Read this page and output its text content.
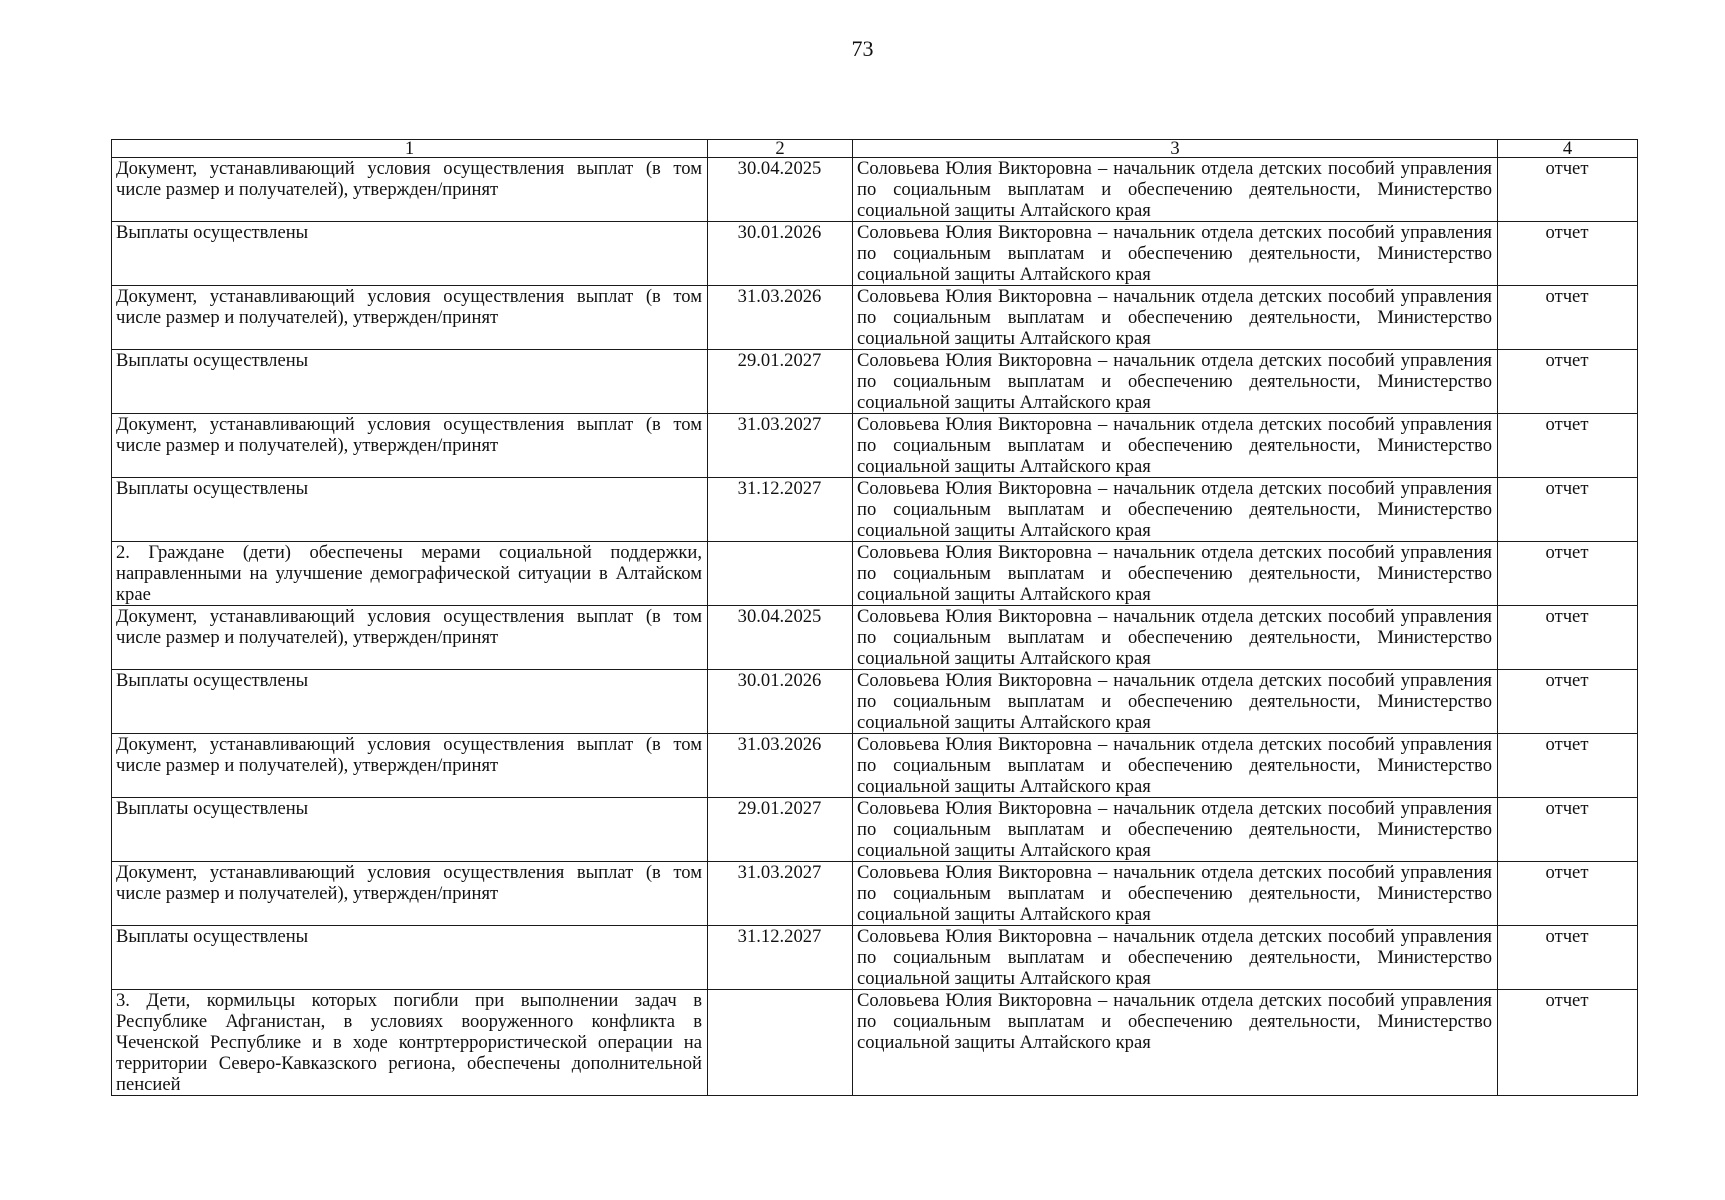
73
1	2	3	4
Документ, устанавливающий условия осуществления выплат (в том числе размер и получателей), утвержден/принят	30.04.2025	Соловьева Юлия Викторовна – начальник отдела детских пособий управления по социальным выплатам и обеспечению деятельности, Министерство социальной защиты Алтайского края	отчет
Выплаты осуществлены	30.01.2026	Соловьева Юлия Викторовна – начальник отдела детских пособий управления по социальным выплатам и обеспечению деятельности, Министерство социальной защиты Алтайского края	отчет
Документ, устанавливающий условия осуществления выплат (в том числе размер и получателей), утвержден/принят	31.03.2026	Соловьева Юлия Викторовна – начальник отдела детских пособий управления по социальным выплатам и обеспечению деятельности, Министерство социальной защиты Алтайского края	отчет
Выплаты осуществлены	29.01.2027	Соловьева Юлия Викторовна – начальник отдела детских пособий управления по социальным выплатам и обеспечению деятельности, Министерство социальной защиты Алтайского края	отчет
Документ, устанавливающий условия осуществления выплат (в том числе размер и получателей), утвержден/принят	31.03.2027	Соловьева Юлия Викторовна – начальник отдела детских пособий управления по социальным выплатам и обеспечению деятельности, Министерство социальной защиты Алтайского края	отчет
Выплаты осуществлены	31.12.2027	Соловьева Юлия Викторовна – начальник отдела детских пособий управления по социальным выплатам и обеспечению деятельности, Министерство социальной защиты Алтайского края	отчет
2. Граждане (дети) обеспечены мерами социальной поддержки, направленными на улучшение демографической ситуации в Алтайском крае		Соловьева Юлия Викторовна – начальник отдела детских пособий управления по социальным выплатам и обеспечению деятельности, Министерство социальной защиты Алтайского края	отчет
Документ, устанавливающий условия осуществления выплат (в том числе размер и получателей), утвержден/принят	30.04.2025	Соловьева Юлия Викторовна – начальник отдела детских пособий управления по социальным выплатам и обеспечению деятельности, Министерство социальной защиты Алтайского края	отчет
Выплаты осуществлены	30.01.2026	Соловьева Юлия Викторовна – начальник отдела детских пособий управления по социальным выплатам и обеспечению деятельности, Министерство социальной защиты Алтайского края	отчет
Документ, устанавливающий условия осуществления выплат (в том числе размер и получателей), утвержден/принят	31.03.2026	Соловьева Юлия Викторовна – начальник отдела детских пособий управления по социальным выплатам и обеспечению деятельности, Министерство социальной защиты Алтайского края	отчет
Выплаты осуществлены	29.01.2027	Соловьева Юлия Викторовна – начальник отдела детских пособий управления по социальным выплатам и обеспечению деятельности, Министерство социальной защиты Алтайского края	отчет
Документ, устанавливающий условия осуществления выплат (в том числе размер и получателей), утвержден/принят	31.03.2027	Соловьева Юлия Викторовна – начальник отдела детских пособий управления по социальным выплатам и обеспечению деятельности, Министерство социальной защиты Алтайского края	отчет
Выплаты осуществлены	31.12.2027	Соловьева Юлия Викторовна – начальник отдела детских пособий управления по социальным выплатам и обеспечению деятельности, Министерство социальной защиты Алтайского края	отчет
3. Дети, кормильцы которых погибли при выполнении задач в Республике Афганистан, в условиях вооруженного конфликта в Чеченской Республике и в ходе контртеррористической операции на территории Северо-Кавказского региона, обеспечены дополнительной пенсией		Соловьева Юлия Викторовна – начальник отдела детских пособий управления по социальным выплатам и обеспечению деятельности, Министерство социальной защиты Алтайского края	отчет
